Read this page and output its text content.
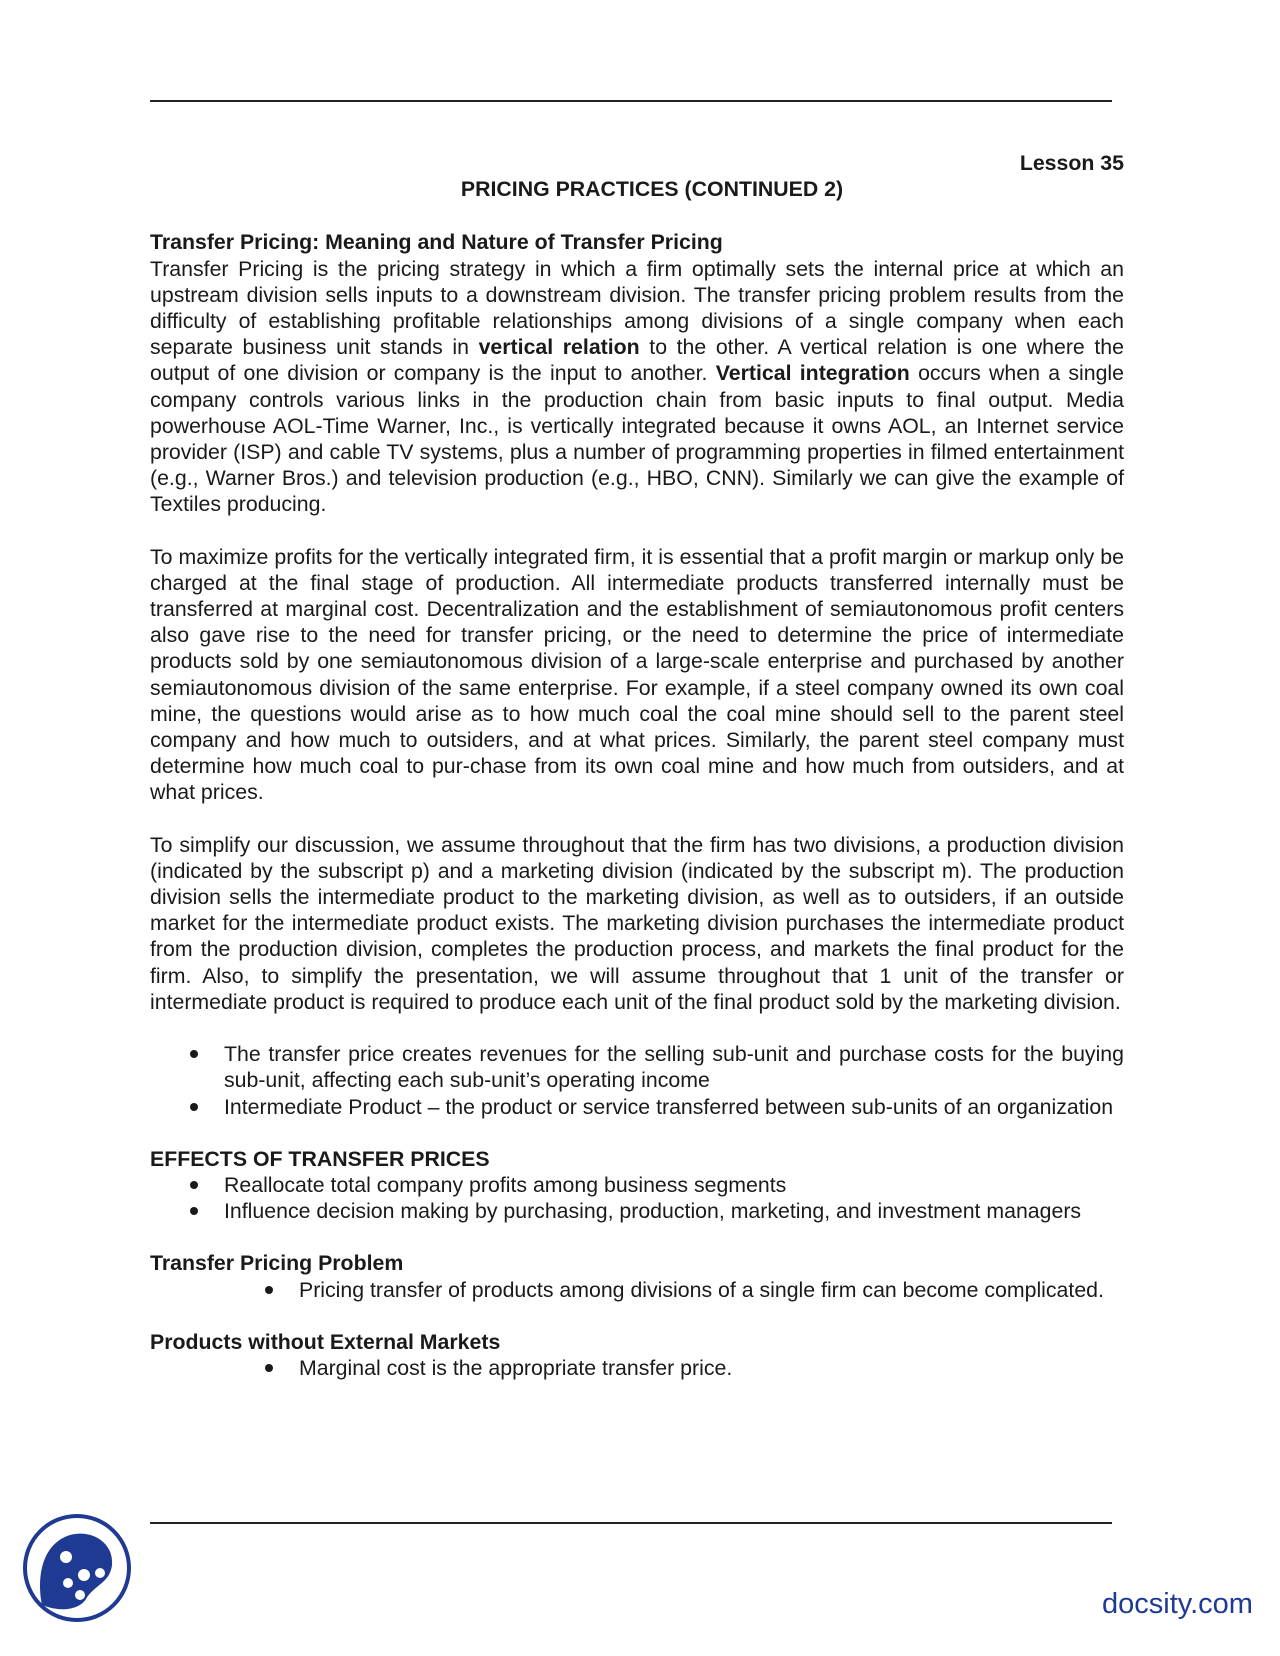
Lesson 35
PRICING PRACTICES (CONTINUED 2)
Transfer Pricing: Meaning and Nature of Transfer Pricing
Transfer Pricing is the pricing strategy in which a firm optimally sets the internal price at which an upstream division sells inputs to a downstream division. The transfer pricing problem results from the difficulty of establishing profitable relationships among divisions of a single company when each separate business unit stands in vertical relation to the other. A vertical relation is one where the output of one division or company is the input to another. Vertical integration occurs when a single company controls various links in the production chain from basic inputs to final output. Media powerhouse AOL-Time Warner, Inc., is vertically integrated because it owns AOL, an Internet service provider (ISP) and cable TV systems, plus a number of programming properties in filmed entertainment (e.g., Warner Bros.) and television production (e.g., HBO, CNN). Similarly we can give the example of Textiles producing.
To maximize profits for the vertically integrated firm, it is essential that a profit margin or markup only be charged at the final stage of production. All intermediate products transferred internally must be transferred at marginal cost. Decentralization and the establishment of semiautonomous profit centers also gave rise to the need for transfer pricing, or the need to determine the price of intermediate products sold by one semiautonomous division of a large-scale enterprise and purchased by another semiautonomous division of the same enterprise. For example, if a steel company owned its own coal mine, the questions would arise as to how much coal the coal mine should sell to the parent steel company and how much to outsiders, and at what prices. Similarly, the parent steel company must determine how much coal to pur-chase from its own coal mine and how much from outsiders, and at what prices.
To simplify our discussion, we assume throughout that the firm has two divisions, a production division (indicated by the subscript p) and a marketing division (indicated by the subscript m). The production division sells the intermediate product to the marketing division, as well as to outsiders, if an outside market for the intermediate product exists. The marketing division purchases the intermediate product from the production division, completes the production process, and markets the final product for the firm. Also, to simplify the presentation, we will assume throughout that 1 unit of the transfer or intermediate product is required to produce each unit of the final product sold by the marketing division.
The transfer price creates revenues for the selling sub-unit and purchase costs for the buying sub-unit, affecting each sub-unit’s operating income
Intermediate Product – the product or service transferred between sub-units of an organization
EFFECTS OF TRANSFER PRICES
Reallocate total company profits among business segments
Influence decision making by purchasing, production, marketing, and investment managers
Transfer Pricing Problem
Pricing transfer of products among divisions of a single firm can become complicated.
Products without External Markets
Marginal cost is the appropriate transfer price.
docsity.com
